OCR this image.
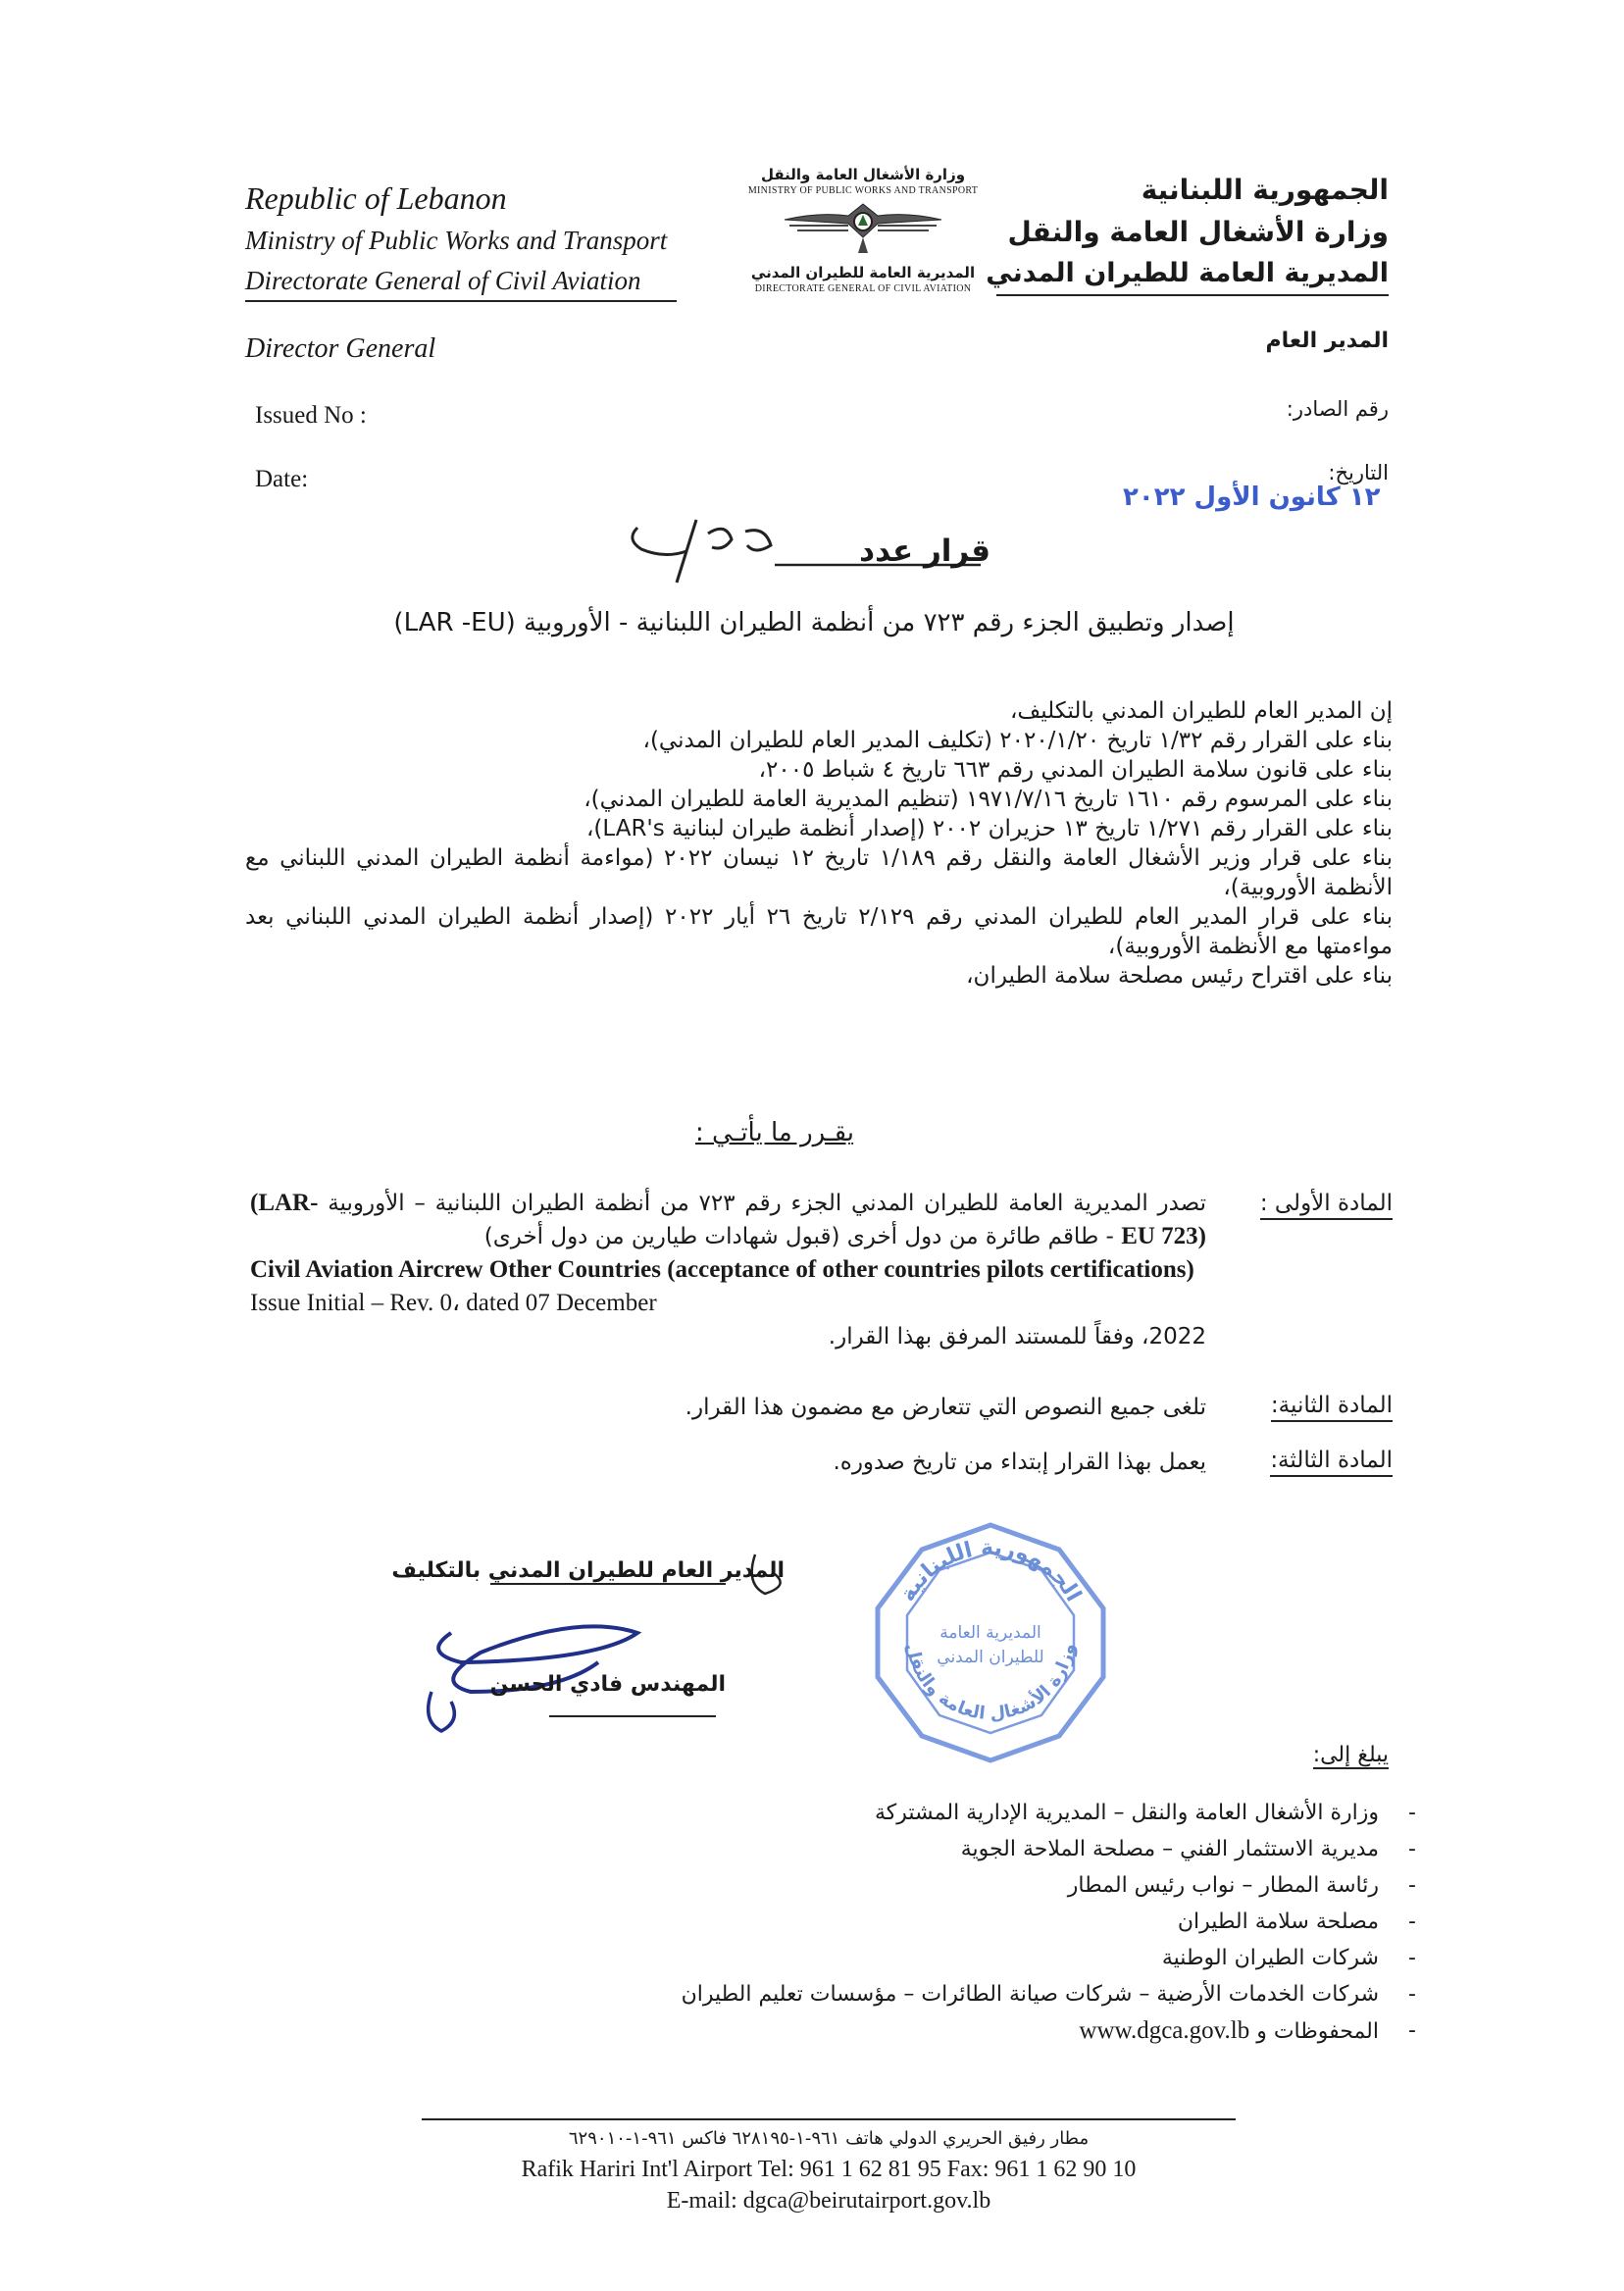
Republic of Lebanon
Ministry of Public Works and Transport
Directorate General of Civil Aviation
وزارة الأشغال العامة والنقل
MINISTRY OF PUBLIC WORKS AND TRANSPORT
المديرية العامة للطيران المدني
DIRECTORATE GENERAL OF CIVIL AVIATION
الجمهورية اللبنانية
وزارة الأشغال العامة والنقل
المديرية العامة للطيران المدني
Director General	المدير العام
Issued No :	رقم الصادر:
Date:	التاريخ:
١٢ كانون الأول ٢٠٢٢
قرار عدد
إصدار وتطبيق الجزء رقم ٧٢٣ من أنظمة الطيران اللبنانية - الأوروبية (LAR -EU)

إن المدير العام للطيران المدني بالتكليف،

بناء على القرار رقم ١/٣٢ تاريخ ٢٠٢٠/١/٢٠ (تكليف المدير العام للطيران المدني)،

بناء على قانون سلامة الطيران المدني رقم ٦٦٣ تاريخ ٤ شباط ٢٠٠٥،

بناء على المرسوم رقم ١٦١٠ تاريخ ١٩٧١/٧/١٦ (تنظيم المديرية العامة للطيران المدني)،

بناء على القرار رقم ١/٢٧١ تاريخ ١٣ حزيران ٢٠٠٢ (إصدار أنظمة طيران لبنانية LAR's)،

بناء على قرار وزير الأشغال العامة والنقل رقم ١/١٨٩ تاريخ ١٢ نيسان ٢٠٢٢ (مواءمة أنظمة الطيران المدني اللبناني مع الأنظمة الأوروبية)،

بناء على قرار المدير العام للطيران المدني رقم ٢/١٢٩ تاريخ ٢٦ أيار ٢٠٢٢ (إصدار أنظمة الطيران المدني اللبناني بعد مواءمتها مع الأنظمة الأوروبية)،

بناء على اقتراح رئيس مصلحة سلامة الطيران،

يقـرر ما يأتـي :
المادة الأولى :

تصدر المديرية العامة للطيران المدني الجزء رقم ٧٢٣ من أنظمة الطيران اللبنانية – الأوروبية (LAR-EU 723) - طاقم طائرة من دول أخرى (قبول شهادات طيارين من دول أخرى)

Civil Aviation Aircrew Other Countries (acceptance of other countries pilots certifications)

Issue Initial – Rev. 0، dated 07 December

2022، وفقاً للمستند المرفق بهذا القرار.

المادة الثانية:
تلغى جميع النصوص التي تتعارض مع مضمون هذا القرار.
المادة الثالثة:
يعمل بهذا القرار إبتداء من تاريخ صدوره.
المدير العام للطيران المدني بالتكليف
المهندس فادي الحسن
الجمهورية اللبنانية
وزارة الأشغال العامة والنقل
المديرية العامة
للطيران المدني
يبلغ إلى:
- وزارة الأشغال العامة والنقل – المديرية الإدارية المشتركة
- مديرية الاستثمار الفني – مصلحة الملاحة الجوية
- رئاسة المطار – نواب رئيس المطار
- مصلحة سلامة الطيران
- شركات الطيران الوطنية
- شركات الخدمات الأرضية – شركات صيانة الطائرات – مؤسسات تعليم الطيران
- المحفوظات و www.dgca.gov.lb
مطار رفيق الحريري الدولي هاتف ٩٦١-١-٦٢٨١٩٥ فاكس ٩٦١-١-٦٢٩٠١٠
Rafik Hariri Int'l Airport Tel: 961 1 62 81 95 Fax: 961 1 62 90 10
E-mail: dgca@beirutairport.gov.lb
